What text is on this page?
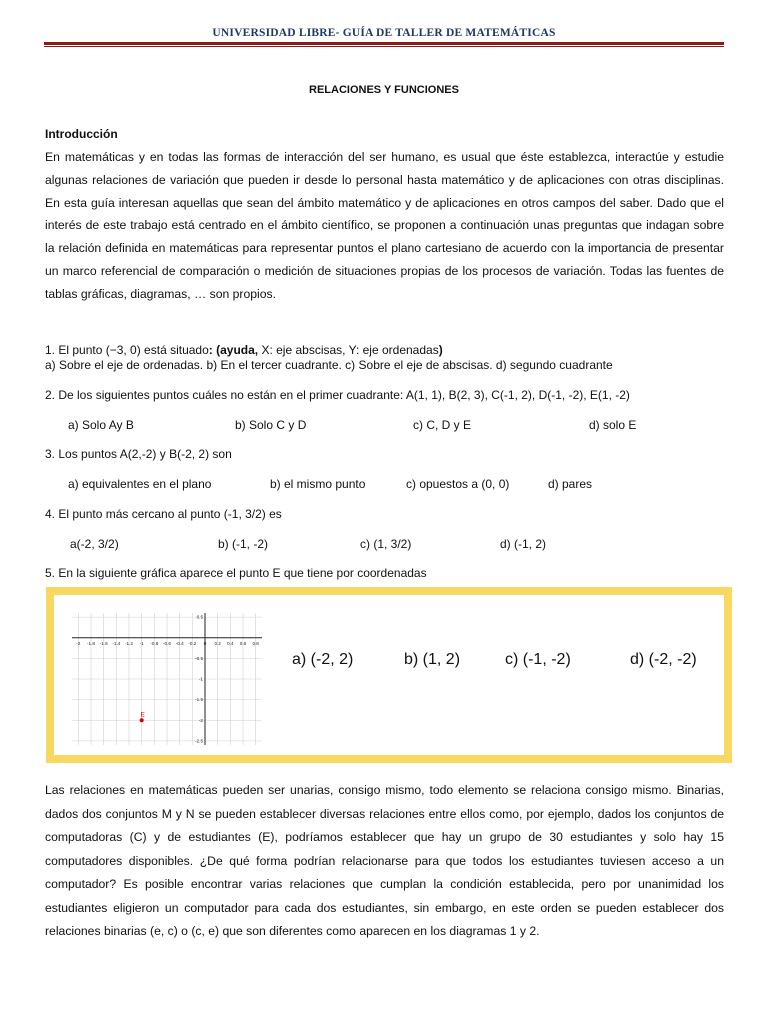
UNIVERSIDAD LIBRE- GUÍA DE TALLER DE MATEMÁTICAS
RELACIONES Y FUNCIONES
Introducción
En matemáticas y en todas las formas de interacción del ser humano, es usual que éste establezca, interactúe y estudie algunas relaciones de variación que pueden ir desde lo personal hasta matemático y de aplicaciones con otras disciplinas. En esta guía interesan aquellas que sean del ámbito matemático y de aplicaciones en otros campos del saber. Dado que el interés de este trabajo está centrado en el ámbito científico, se proponen a continuación unas preguntas que indagan sobre la relación definida en matemáticas para representar puntos el plano cartesiano de acuerdo con la importancia de presentar un marco referencial de comparación o medición de situaciones propias de los procesos de variación. Todas las fuentes de tablas gráficas, diagramas, … son propios.
1. El punto (−3, 0) está situado: (ayuda, X: eje abscisas, Y: eje ordenadas)
a) Sobre el eje de ordenadas. b) En el tercer cuadrante. c) Sobre el eje de abscisas. d) segundo cuadrante
2. De los siguientes puntos cuáles no están en el primer cuadrante: A(1, 1), B(2, 3), C(-1, 2), D(-1, -2), E(1, -2)
a) Solo Ay B	b) Solo C y D	c) C, D y E	d) solo E
3. Los puntos A(2,-2) y B(-2, 2) son
a) equivalentes en el plano	b) el mismo punto	c) opuestos a (0, 0)	d) pares
4. El punto más cercano al punto (-1, 3/2) es
a(-2, 3/2)	b) (-1, -2)	c) (1, 3/2)	d) (-1, 2)
5. En la siguiente gráfica aparece el punto E que tiene por coordenadas
-2 -1.8 -1.6 -1.4 -1.2 -1 -0.8 -0.6 -0.4 -0.2 0 0.2 0.4 0.6 0.8
0.5
-0.5
-1
-1.5
-2
-2.5
E
a) (-2, 2)	b) (1, 2)	c) (-1, -2)	d) (-2, -2)
Las relaciones en matemáticas pueden ser unarias, consigo mismo, todo elemento se relaciona consigo mismo. Binarias, dados dos conjuntos M y N se pueden establecer diversas relaciones entre ellos como, por ejemplo, dados los conjuntos de computadoras (C) y de estudiantes (E), podríamos establecer que hay un grupo de 30 estudiantes y solo hay 15 computadores disponibles. ¿De qué forma podrían relacionarse para que todos los estudiantes tuviesen acceso a un computador? Es posible encontrar varias relaciones que cumplan la condición establecida, pero por unanimidad los estudiantes eligieron un computador para cada dos estudiantes, sin embargo, en este orden se pueden establecer dos relaciones binarias (e, c) o (c, e) que son diferentes como aparecen en los diagramas 1 y 2.
